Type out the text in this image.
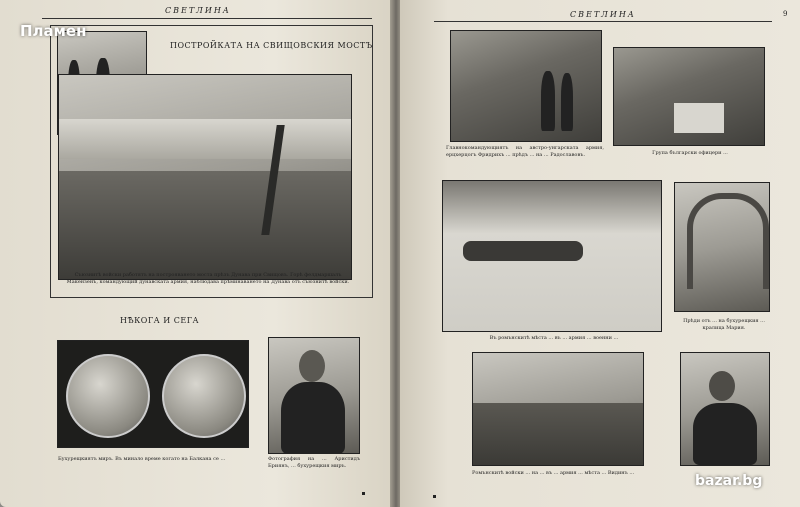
СВЕТЛИНА
ПОСТРОЙКАТА НА СВИЩОВСКИЯ МОСТЪ
Съюзнитѣ войски работятъ на построяването моста прѣзъ Дунава при Свищовъ. Горѣ фелдмаршалъ Макензенъ, командующий дунавската армия, наблюдава прѣминаването на Дунава отъ съюзнитѣ войски.
НѢКОГА И СЕГА
Бухурещкиятъ миръ. Въ минало време когато на Балкана се ...	Фотография на ... Аристидъ Бриянъ, ... бухурещкия миръ.
Пламен
СВЕТЛИНА	9
Главнокомандующиятъ на австро-унгарската армия, ерцхерцогъ Фридрихъ ... прѣдъ ... на ... Радославовъ.	Група български офицери ...
Въ ромънскитѣ мѣста ... въ ... армия ... военни ...
Прѣди отъ ... на бухурещкия ... кралица Мария.
Ромънскитѣ войски ... на ... въ ... армия ... мѣста ... Видинъ ...	bazar.bg
